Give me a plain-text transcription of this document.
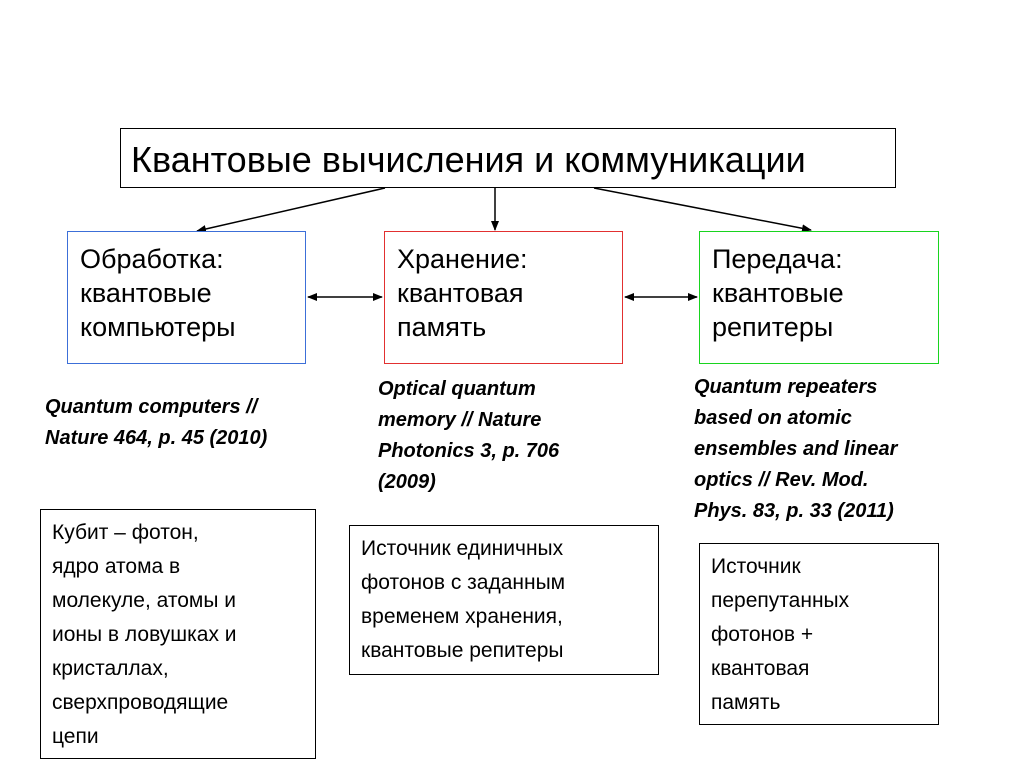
Квантовые вычисления и коммуникации
Обработка:
квантовые
компьютеры
Хранение:
квантовая
память
Передача:
квантовые
репитеры
Quantum computers //
Nature 464, p. 45 (2010)
Optical quantum
memory // Nature
Photonics 3, p. 706
(2009)
Quantum repeaters
based on atomic
ensembles and linear
optics // Rev. Mod.
Phys. 83, p. 33 (2011)
Кубит – фотон,
ядро атома в
молекуле, атомы и
ионы в ловушках и
кристаллах,
сверхпроводящие
цепи
Источник единичных
фотонов с заданным
временем хранения,
квантовые репитеры
Источник
перепутанных
фотонов +
квантовая
память
